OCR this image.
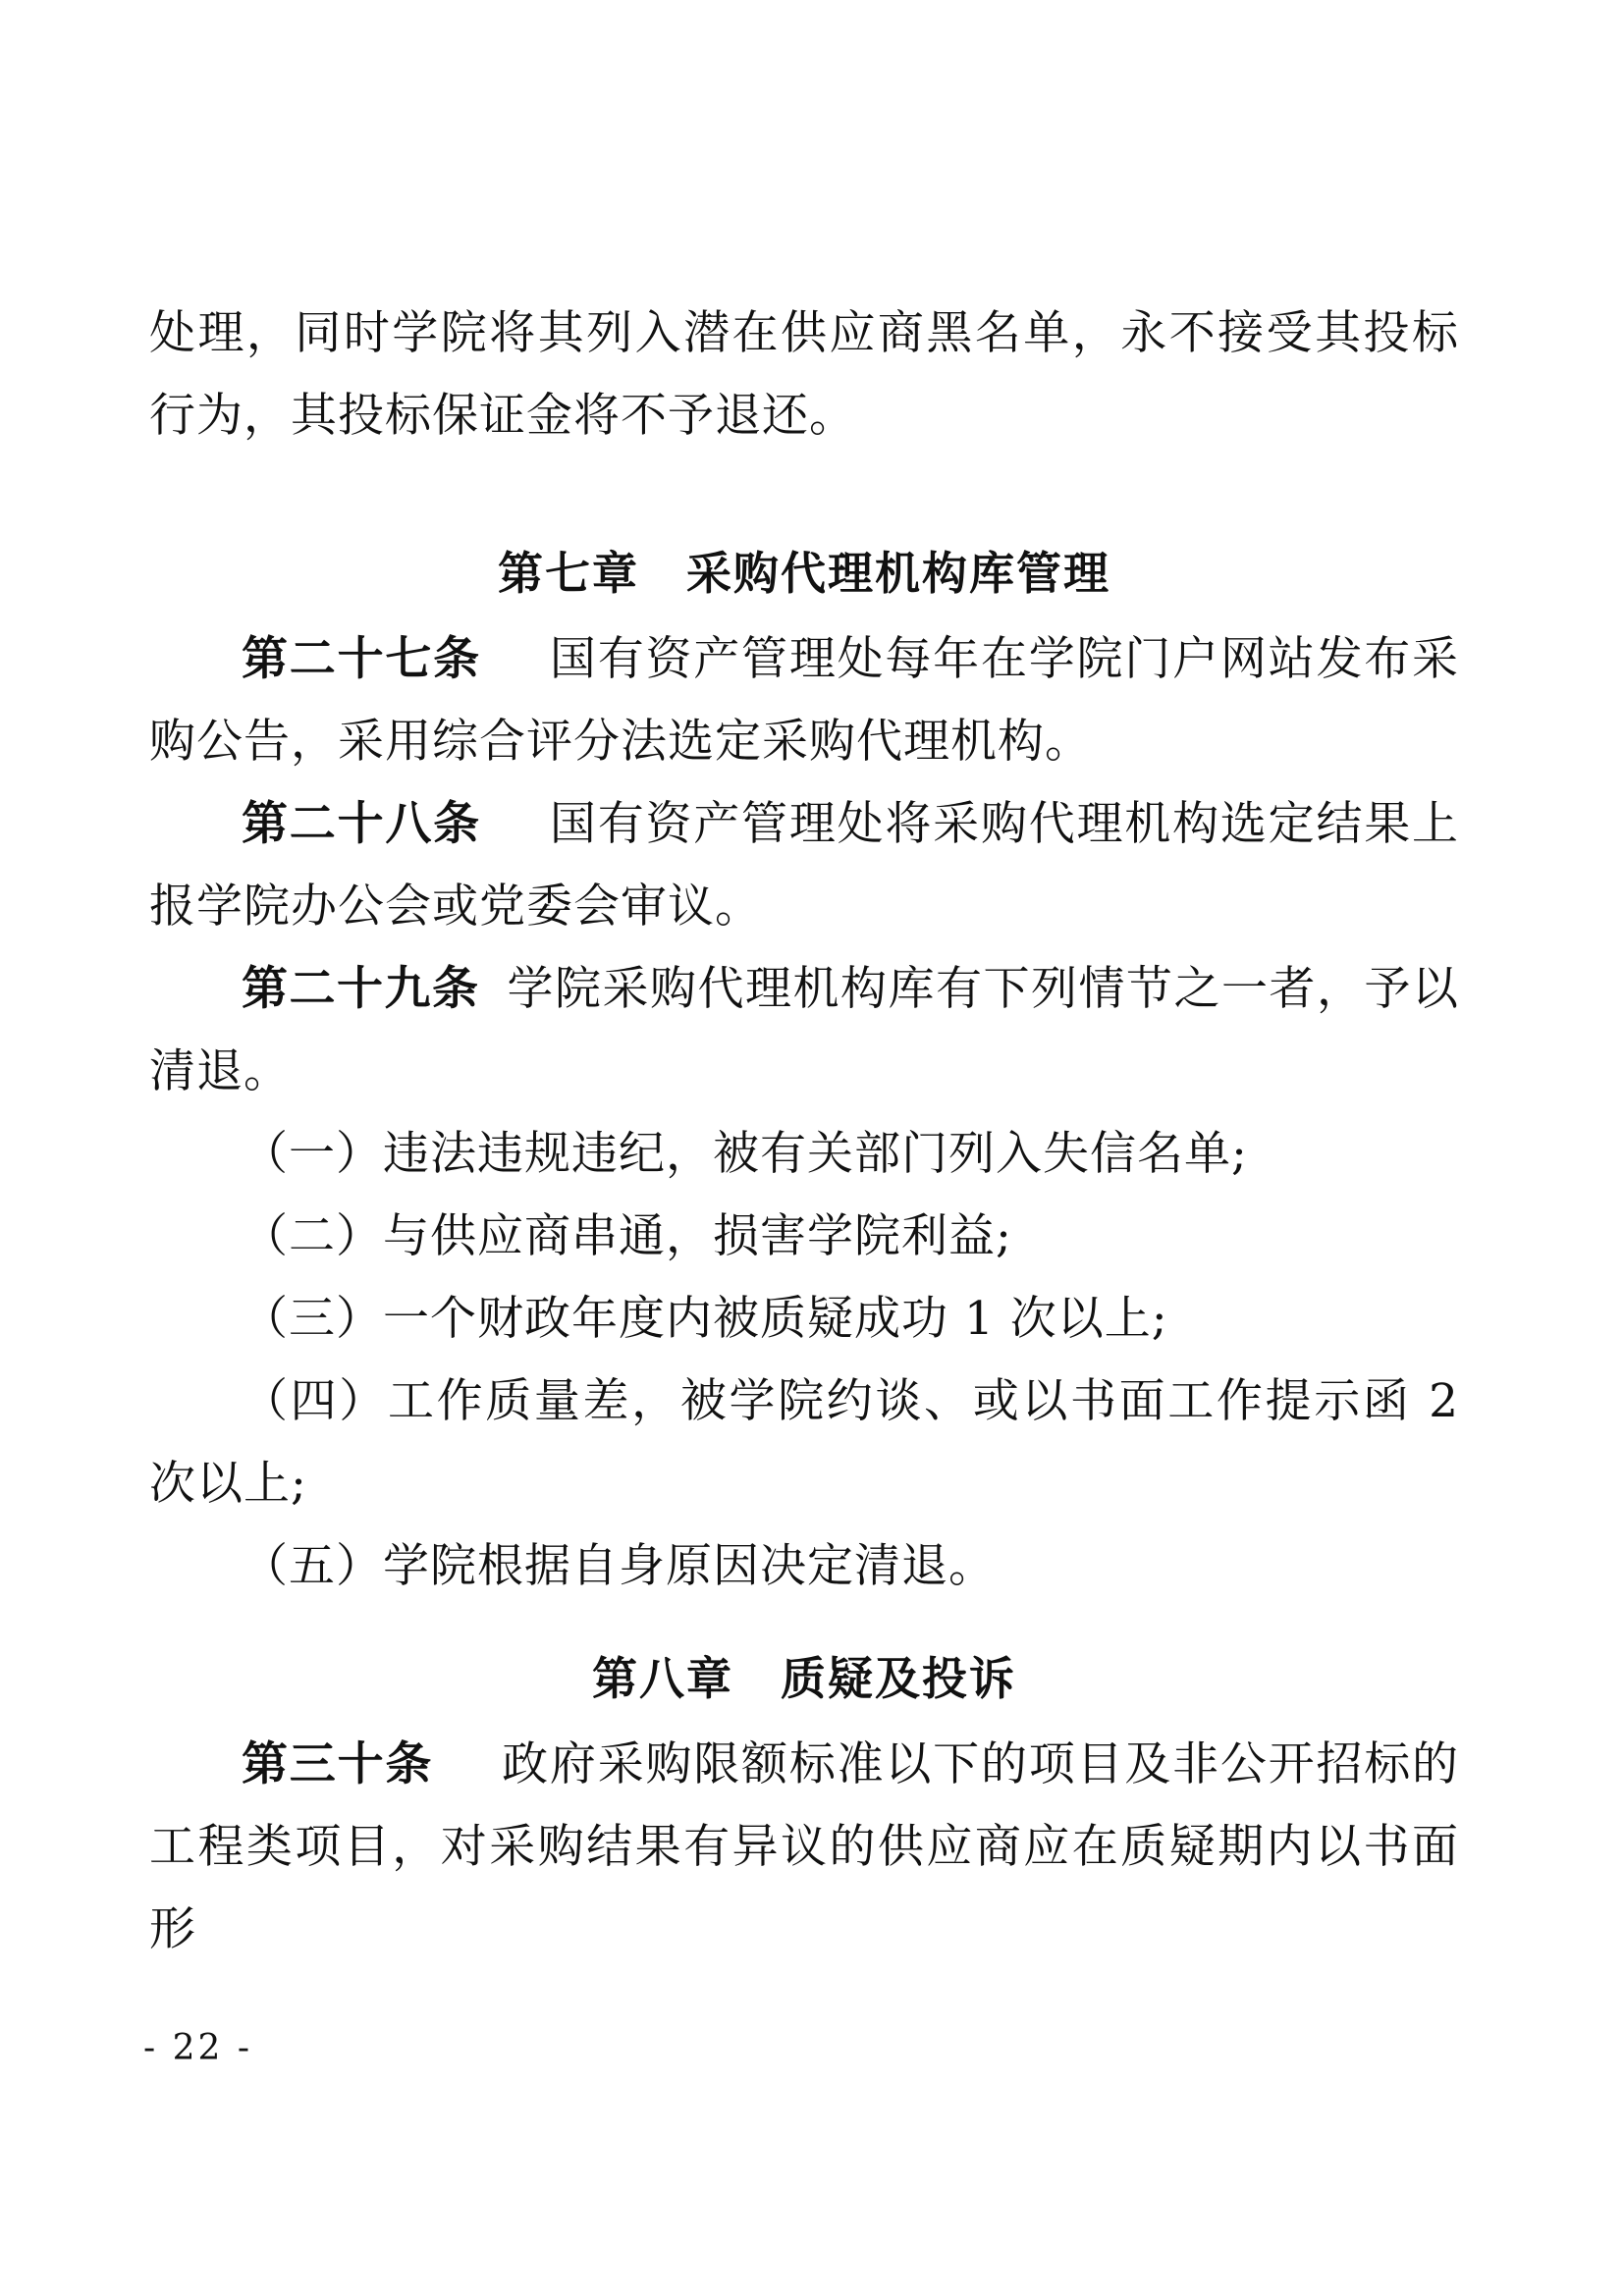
处理，同时学院将其列入潜在供应商黑名单，永不接受其投标行为，其投标保证金将不予退还。

第七章　采购代理机构库管理

第二十七条 国有资产管理处每年在学院门户网站发布采购公告，采用综合评分法选定采购代理机构。

第二十八条 国有资产管理处将采购代理机构选定结果上报学院办公会或党委会审议。

第二十九条 学院采购代理机构库有下列情节之一者，予以清退。

（一）违法违规违纪，被有关部门列入失信名单;

（二）与供应商串通，损害学院利益;

（三）一个财政年度内被质疑成功 1 次以上;

（四）工作质量差，被学院约谈、或以书面工作提示函 2 次以上;

（五）学院根据自身原因决定清退。

第八章　质疑及投诉

第三十条 政府采购限额标准以下的项目及非公开招标的工程类项目，对采购结果有异议的供应商应在质疑期内以书面形

- 22 -
